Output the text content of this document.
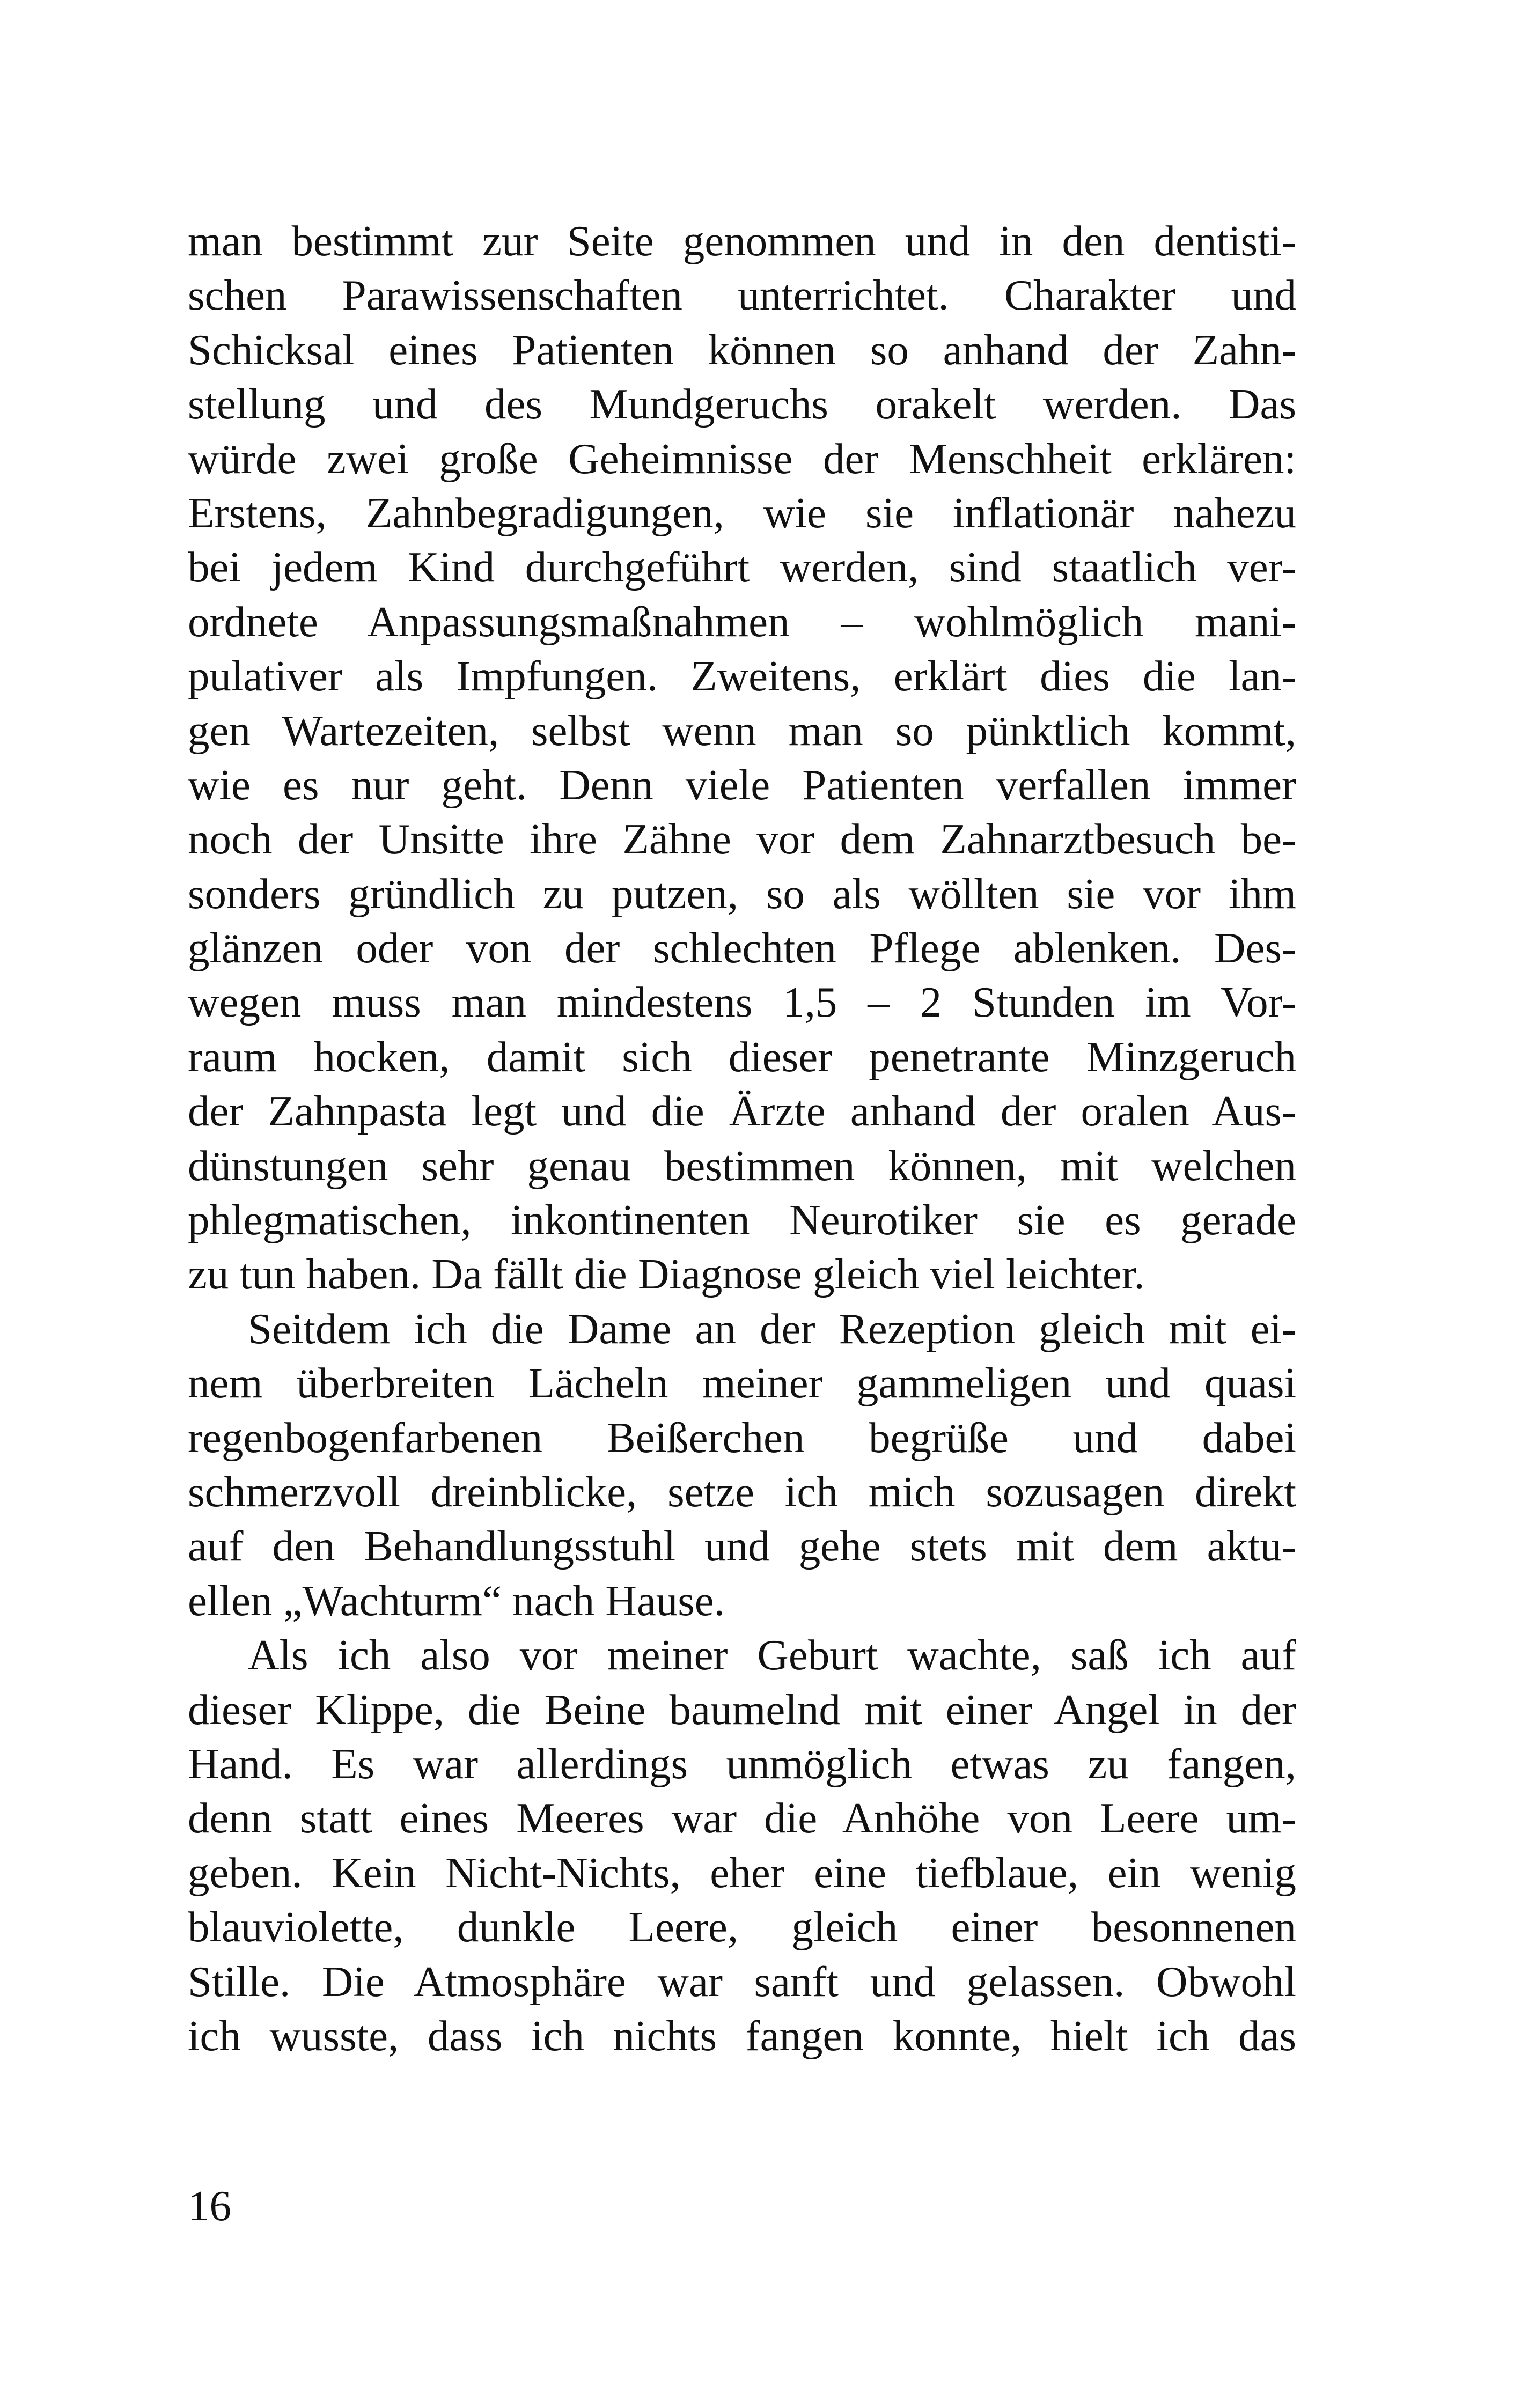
man bestimmt zur Seite genommen und in den dentisti-
schen Parawissenschaften unterrichtet. Charakter und
Schicksal eines Patienten können so anhand der Zahn-
stellung und des Mundgeruchs orakelt werden. Das
würde zwei große Geheimnisse der Menschheit erklären:
Erstens, Zahnbegradigungen, wie sie inflationär nahezu
bei jedem Kind durchgeführt werden, sind staatlich ver-
ordnete Anpassungsmaßnahmen – wohlmöglich mani-
pulativer als Impfungen. Zweitens, erklärt dies die lan-
gen Wartezeiten, selbst wenn man so pünktlich kommt,
wie es nur geht. Denn viele Patienten verfallen immer
noch der Unsitte ihre Zähne vor dem Zahnarztbesuch be-
sonders gründlich zu putzen, so als wöllten sie vor ihm
glänzen oder von der schlechten Pflege ablenken. Des-
wegen muss man mindestens 1,5 – 2 Stunden im Vor-
raum hocken, damit sich dieser penetrante Minzgeruch
der Zahnpasta legt und die Ärzte anhand der oralen Aus-
dünstungen sehr genau bestimmen können, mit welchen
phlegmatischen, inkontinenten Neurotiker sie es gerade
zu tun haben. Da fällt die Diagnose gleich viel leichter.
Seitdem ich die Dame an der Rezeption gleich mit ei-
nem überbreiten Lächeln meiner gammeligen und quasi
regenbogenfarbenen Beißerchen begrüße und dabei
schmerzvoll dreinblicke, setze ich mich sozusagen direkt
auf den Behandlungsstuhl und gehe stets mit dem aktu-
ellen „Wachturm“ nach Hause.
Als ich also vor meiner Geburt wachte, saß ich auf
dieser Klippe, die Beine baumelnd mit einer Angel in der
Hand. Es war allerdings unmöglich etwas zu fangen,
denn statt eines Meeres war die Anhöhe von Leere um-
geben. Kein Nicht-Nichts, eher eine tiefblaue, ein wenig
blauviolette, dunkle Leere, gleich einer besonnenen
Stille. Die Atmosphäre war sanft und gelassen. Obwohl
ich wusste, dass ich nichts fangen konnte, hielt ich das
16
